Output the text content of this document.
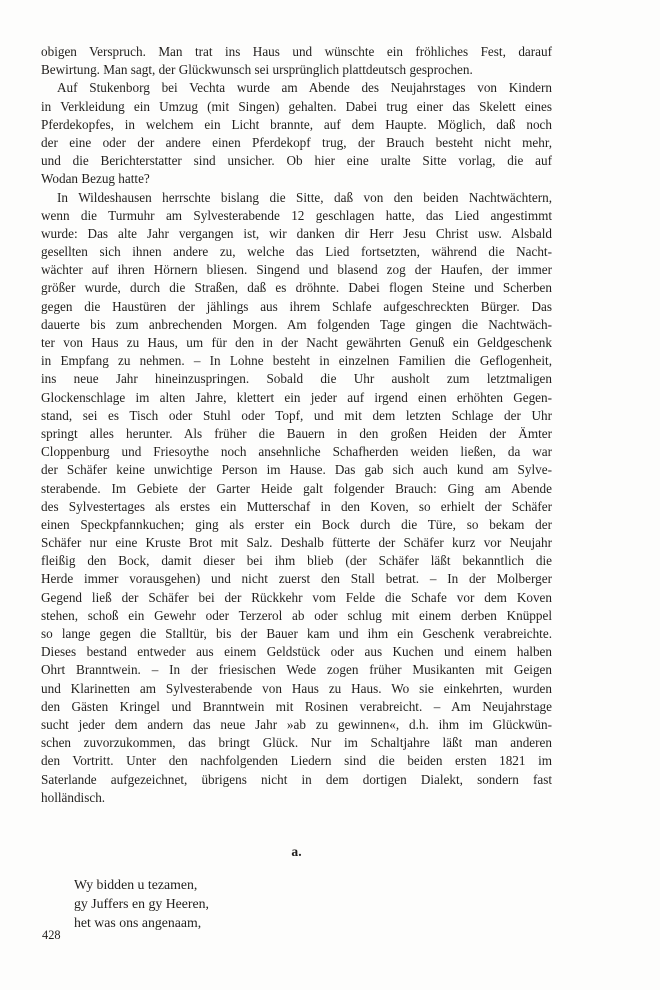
obigen Verspruch. Man trat ins Haus und wünschte ein fröhliches Fest, darauf
Bewirtung. Man sagt, der Glückwunsch sei ursprünglich plattdeutsch gesprochen.
Auf Stukenborg bei Vechta wurde am Abende des Neujahrstages von Kindern
in Verkleidung ein Umzug (mit Singen) gehalten. Dabei trug einer das Skelett eines
Pferdekopfes, in welchem ein Licht brannte, auf dem Haupte. Möglich, daß noch
der eine oder der andere einen Pferdekopf trug, der Brauch besteht nicht mehr,
und die Berichterstatter sind unsicher. Ob hier eine uralte Sitte vorlag, die auf
Wodan Bezug hatte?
In Wildeshausen herrschte bislang die Sitte, daß von den beiden Nachtwächtern,
wenn die Turmuhr am Sylvesterabende 12 geschlagen hatte, das Lied angestimmt
wurde: Das alte Jahr vergangen ist, wir danken dir Herr Jesu Christ usw. Alsbald
gesellten sich ihnen andere zu, welche das Lied fortsetzten, während die Nacht-
wächter auf ihren Hörnern bliesen. Singend und blasend zog der Haufen, der immer
größer wurde, durch die Straßen, daß es dröhnte. Dabei flogen Steine und Scherben
gegen die Haustüren der jählings aus ihrem Schlafe aufgeschreckten Bürger. Das
dauerte bis zum anbrechenden Morgen. Am folgenden Tage gingen die Nachtwäch-
ter von Haus zu Haus, um für den in der Nacht gewährten Genuß ein Geldgeschenk
in Empfang zu nehmen. – In Lohne besteht in einzelnen Familien die Geflogenheit,
ins neue Jahr hineinzuspringen. Sobald die Uhr ausholt zum letztmaligen
Glockenschlage im alten Jahre, klettert ein jeder auf irgend einen erhöhten Gegen-
stand, sei es Tisch oder Stuhl oder Topf, und mit dem letzten Schlage der Uhr
springt alles herunter. Als früher die Bauern in den großen Heiden der Ämter
Cloppenburg und Friesoythe noch ansehnliche Schafherden weiden ließen, da war
der Schäfer keine unwichtige Person im Hause. Das gab sich auch kund am Sylve-
sterabende. Im Gebiete der Garter Heide galt folgender Brauch: Ging am Abende
des Sylvestertages als erstes ein Mutterschaf in den Koven, so erhielt der Schäfer
einen Speckpfannkuchen; ging als erster ein Bock durch die Türe, so bekam der
Schäfer nur eine Kruste Brot mit Salz. Deshalb fütterte der Schäfer kurz vor Neujahr
fleißig den Bock, damit dieser bei ihm blieb (der Schäfer läßt bekanntlich die
Herde immer vorausgehen) und nicht zuerst den Stall betrat. – In der Molberger
Gegend ließ der Schäfer bei der Rückkehr vom Felde die Schafe vor dem Koven
stehen, schoß ein Gewehr oder Terzerol ab oder schlug mit einem derben Knüppel
so lange gegen die Stalltür, bis der Bauer kam und ihm ein Geschenk verabreichte.
Dieses bestand entweder aus einem Geldstück oder aus Kuchen und einem halben
Ohrt Branntwein. – In der friesischen Wede zogen früher Musikanten mit Geigen
und Klarinetten am Sylvesterabende von Haus zu Haus. Wo sie einkehrten, wurden
den Gästen Kringel und Branntwein mit Rosinen verabreicht. – Am Neujahrstage
sucht jeder dem andern das neue Jahr »ab zu gewinnen«, d.h. ihm im Glückwün-
schen zuvorzukommen, das bringt Glück. Nur im Schaltjahre läßt man anderen
den Vortritt. Unter den nachfolgenden Liedern sind die beiden ersten 1821 im
Saterlande aufgezeichnet, übrigens nicht in dem dortigen Dialekt, sondern fast
holländisch.
a.
Wy bidden u tezamen,
gy Juffers en gy Heeren,
het was ons angenaam,
428
